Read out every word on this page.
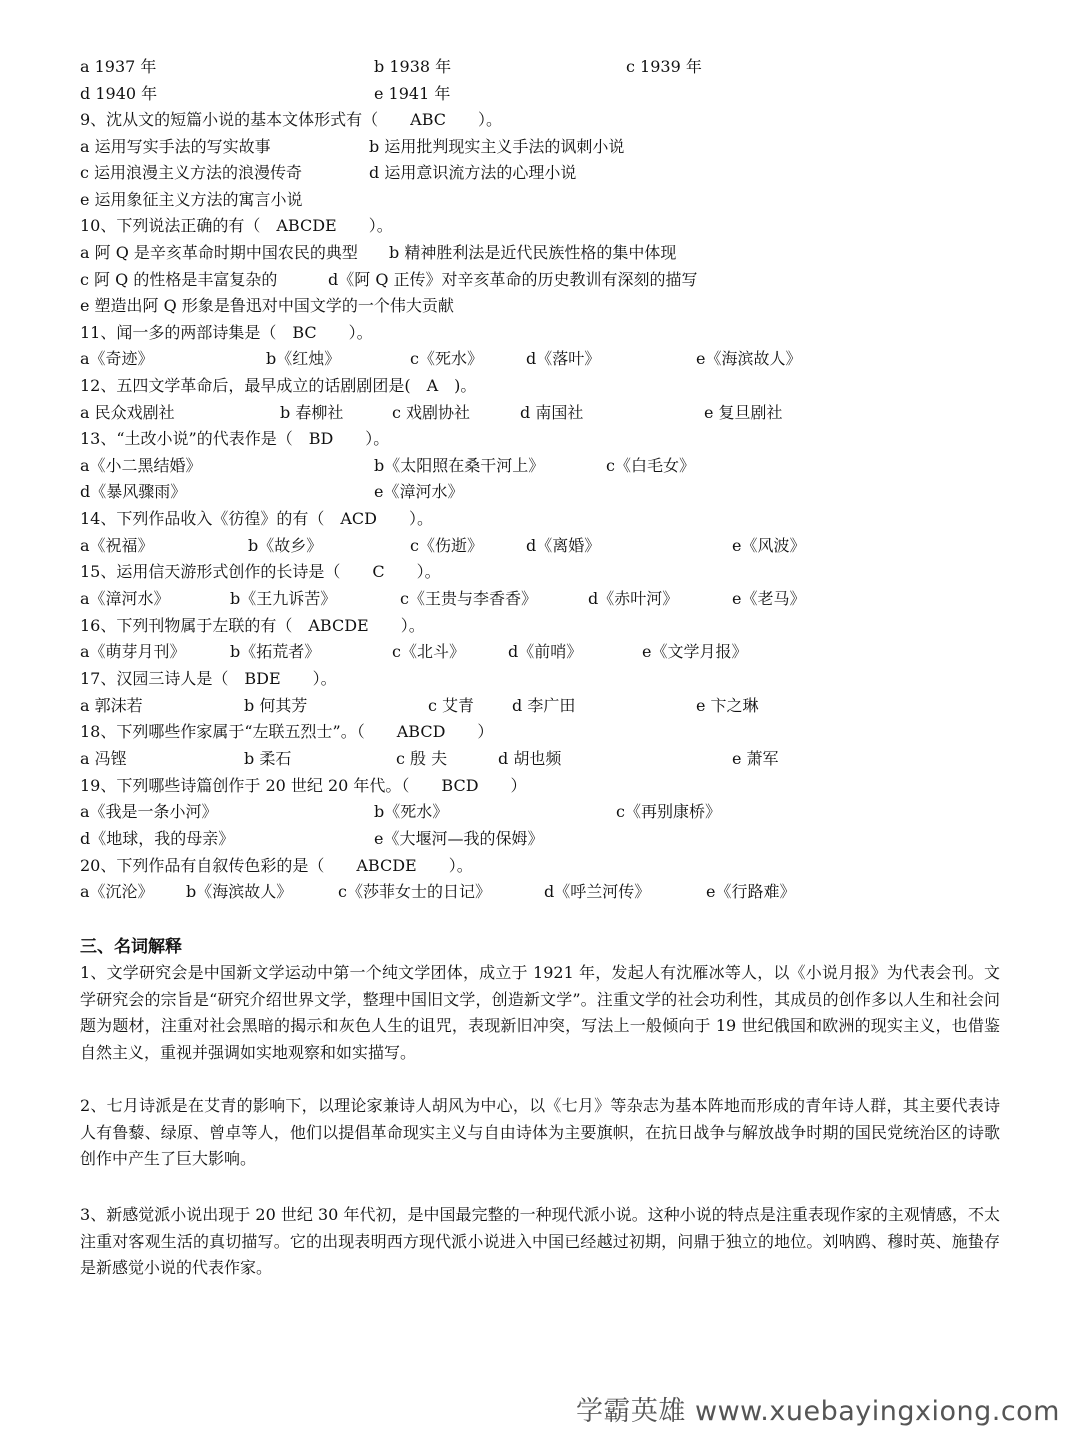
a 1937 年	b 1938 年	c 1939 年
d 1940 年	e 1941 年
9、沈从文的短篇小说的基本文体形式有（　　ABC　　）。
a 运用写实手法的写实故事	b 运用批判现实主义手法的讽刺小说
c 运用浪漫主义方法的浪漫传奇	d 运用意识流方法的心理小说
e 运用象征主义方法的寓言小说
10、下列说法正确的有（　ABCDE　　）。
a 阿 Q 是辛亥革命时期中国农民的典型 b 精神胜利法是近代民族性格的集中体现
c 阿 Q 的性格是丰富复杂的	d《阿 Q 正传》对辛亥革命的历史教训有深刻的描写
e 塑造出阿 Q 形象是鲁迅对中国文学的一个伟大贡献
11、闻一多的两部诗集是（　BC　　）。
a《奇迹》	b《红烛》	c《死水》	d《落叶》	e《海滨故人》
12、五四文学革命后，最早成立的话剧剧团是(　A　)。
a 民众戏剧社	b 春柳社	c 戏剧协社	d 南国社	e 复旦剧社
13、“土改小说”的代表作是（　BD　　）。
a《小二黑结婚》	b《太阳照在桑干河上》	c《白毛女》
d《暴风骤雨》	e《漳河水》
14、下列作品收入《彷徨》的有（　ACD　　）。
a《祝福》	b《故乡》	c《伤逝》	d《离婚》	e《风波》
15、运用信天游形式创作的长诗是（　　C　　）。
a《漳河水》	b《王九诉苦》	c《王贵与李香香》	d《赤叶河》	e《老马》
16、下列刊物属于左联的有（　ABCDE　　）。
a《萌芽月刊》	b《拓荒者》	c《北斗》	d《前哨》	e《文学月报》
17、汉园三诗人是（　BDE　　）。
a 郭沫若	b 何其芳	c 艾青 d 李广田	e 卞之琳
18、下列哪些作家属于“左联五烈士”。（　　ABCD　　）
a 冯铿	b 柔石	c 殷 夫	d 胡也频	e 萧军
19、下列哪些诗篇创作于 20 世纪 20 年代。（　　BCD　　）
a《我是一条小河》	b《死水》	c《再别康桥》
d《地球，我的母亲》	e《大堰河—我的保姆》
20、下列作品有自叙传色彩的是（　　ABCDE　　）。
a《沉沦》 b《海滨故人》	c《莎菲女士的日记》	d《呼兰河传》	e《行路难》
三、名词解释

1、文学研究会是中国新文学运动中第一个纯文学团体，成立于 1921 年，发起人有沈雁冰等人，以《小说月报》为代表会刊。文学研究会的宗旨是“研究介绍世界文学，整理中国旧文学，创造新文学”。注重文学的社会功利性，其成员的创作多以人生和社会问题为题材，注重对社会黑暗的揭示和灰色人生的诅咒，表现新旧冲突，写法上一般倾向于 19 世纪俄国和欧洲的现实主义，也借鉴自然主义，重视并强调如实地观察和如实描写。

2、七月诗派是在艾青的影响下，以理论家兼诗人胡风为中心，以《七月》等杂志为基本阵地而形成的青年诗人群，其主要代表诗人有鲁藜、绿原、曾卓等人，他们以提倡革命现实主义与自由诗体为主要旗帜，在抗日战争与解放战争时期的国民党统治区的诗歌创作中产生了巨大影响。

3、新感觉派小说出现于 20 世纪 30 年代初，是中国最完整的一种现代派小说。这种小说的特点是注重表现作家的主观情感，不太注重对客观生活的真切描写。它的出现表明西方现代派小说进入中国已经越过初期，问鼎于独立的地位。刘呐鸥、穆时英、施蛰存是新感觉小说的代表作家。

学霸英雄 www.xuebayingxiong.com
